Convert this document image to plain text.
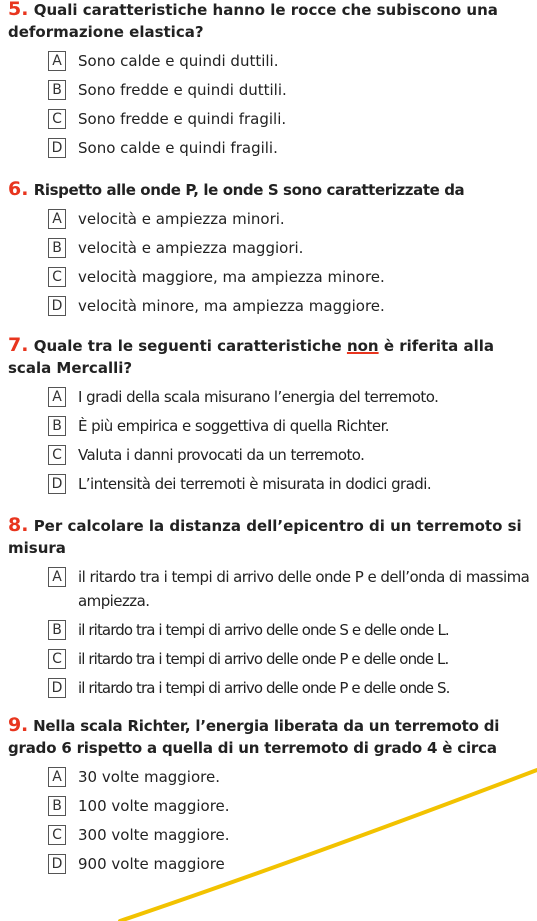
5. Quali caratteristiche hanno le rocce che subiscono una deformazione elastica?
A Sono calde e quindi duttili.
B Sono fredde e quindi duttili.
C Sono fredde e quindi fragili.
D Sono calde e quindi fragili.
6. Rispetto alle onde P, le onde S sono caratterizzate da
A velocità e ampiezza minori.
B velocità e ampiezza maggiori.
C velocità maggiore, ma ampiezza minore.
D velocità minore, ma ampiezza maggiore.
7. Quale tra le seguenti caratteristiche non è riferita alla scala Mercalli?
A I gradi della scala misurano l’energia del terremoto.
B È più empirica e soggettiva di quella Richter.
C Valuta i danni provocati da un terremoto.
D L’intensità dei terremoti è misurata in dodici gradi.
8. Per calcolare la distanza dell’epicentro di un terremoto si misura
A il ritardo tra i tempi di arrivo delle onde P e dell’onda di massima ampiezza.
B il ritardo tra i tempi di arrivo delle onde S e delle onde L.
C il ritardo tra i tempi di arrivo delle onde P e delle onde L.
D il ritardo tra i tempi di arrivo delle onde P e delle onde S.
9. Nella scala Richter, l’energia liberata da un terremoto di grado 6 rispetto a quella di un terremoto di grado 4 è circa
A 30 volte maggiore.
B 100 volte maggiore.
C 300 volte maggiore.
D 900 volte maggiore
